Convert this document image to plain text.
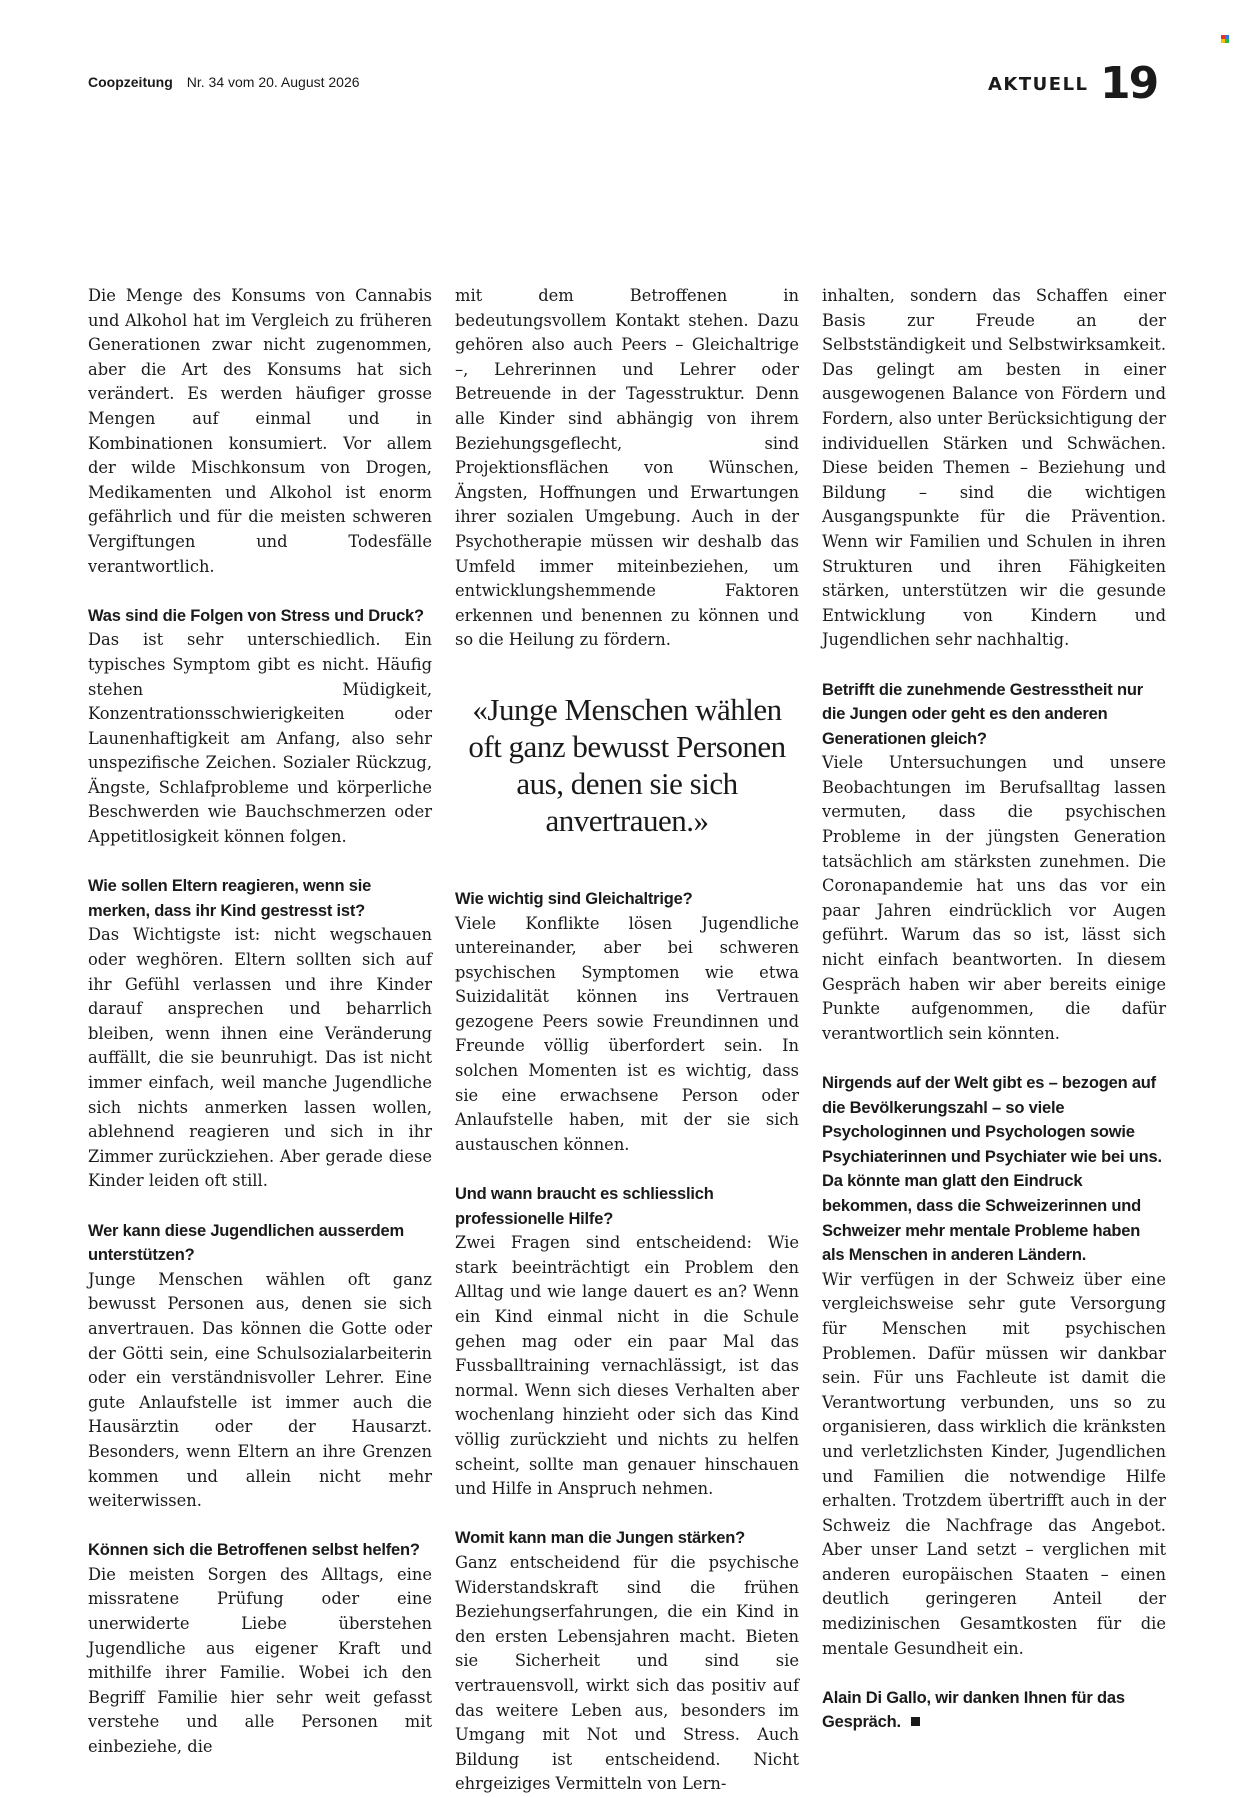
Coopzeitung Nr. 34 vom 20. August 2026	AKTUELL 19

Die Menge des Konsums von Cannabis und Alkohol hat im Vergleich zu früheren Generationen zwar nicht zugenommen, aber die Art des Konsums hat sich verändert. Es werden häufiger grosse Mengen auf einmal und in Kombinationen konsumiert. Vor allem der wilde Mischkonsum von Drogen, Medikamenten und Alkohol ist enorm gefährlich und für die meisten schweren Vergiftungen und Todesfälle verantwortlich.

Was sind die Folgen von Stress und Druck?

Das ist sehr unterschiedlich. Ein typisches Symptom gibt es nicht. Häufig stehen Müdigkeit, Konzentrationsschwierigkeiten oder Launenhaftigkeit am Anfang, also sehr unspezifische Zeichen. Sozialer Rückzug, Ängste, Schlafprobleme und körperliche Beschwerden wie Bauchschmerzen oder Appetitlosigkeit können folgen.

Wie sollen Eltern reagieren, wenn sie merken, dass ihr Kind gestresst ist?

Das Wichtigste ist: nicht wegschauen oder weghören. Eltern sollten sich auf ihr Gefühl verlassen und ihre Kinder darauf ansprechen und beharrlich bleiben, wenn ihnen eine Veränderung auffällt, die sie beunruhigt. Das ist nicht immer einfach, weil manche Jugendliche sich nichts anmerken lassen wollen, ablehnend reagieren und sich in ihr Zimmer zurückziehen. Aber gerade diese Kinder leiden oft still.

Wer kann diese Jugendlichen ausserdem unterstützen?

Junge Menschen wählen oft ganz bewusst Personen aus, denen sie sich anvertrauen. Das können die Gotte oder der Götti sein, eine Schulsozialarbeiterin oder ein verständnisvoller Lehrer. Eine gute Anlaufstelle ist immer auch die Hausärztin oder der Hausarzt. Besonders, wenn Eltern an ihre Grenzen kommen und allein nicht mehr weiterwissen.

Können sich die Betroffenen selbst helfen?

Die meisten Sorgen des Alltags, eine missratene Prüfung oder eine unerwiderte Liebe überstehen Jugendliche aus eigener Kraft und mithilfe ihrer Familie. Wobei ich den Begriff Familie hier sehr weit gefasst verstehe und alle Personen mit einbeziehe, die

mit dem Betroffenen in bedeutungsvollem Kontakt stehen. Dazu gehören also auch Peers – Gleichaltrige –, Lehrerinnen und Lehrer oder Betreuende in der Tagesstruktur. Denn alle Kinder sind abhängig von ihrem Beziehungsgeflecht, sind Projektionsflächen von Wünschen, Ängsten, Hoffnungen und Erwartungen ihrer sozialen Umgebung. Auch in der Psychotherapie müssen wir deshalb das Umfeld immer miteinbeziehen, um entwicklungshemmende Faktoren erkennen und benennen zu können und so die Heilung zu fördern.

«Junge Menschen wählen oft ganz bewusst Personen aus, denen sie sich anvertrauen.»
Wie wichtig sind Gleichaltrige?

Viele Konflikte lösen Jugendliche untereinander, aber bei schweren psychischen Symptomen wie etwa Suizidalität können ins Vertrauen gezogene Peers sowie Freundinnen und Freunde völlig überfordert sein. In solchen Momenten ist es wichtig, dass sie eine erwachsene Person oder Anlaufstelle haben, mit der sie sich austauschen können.

Und wann braucht es schliesslich professionelle Hilfe?

Zwei Fragen sind entscheidend: Wie stark beeinträchtigt ein Problem den Alltag und wie lange dauert es an? Wenn ein Kind einmal nicht in die Schule gehen mag oder ein paar Mal das Fussballtraining vernachlässigt, ist das normal. Wenn sich dieses Verhalten aber wochenlang hinzieht oder sich das Kind völlig zurückzieht und nichts zu helfen scheint, sollte man genauer hinschauen und Hilfe in Anspruch nehmen.

Womit kann man die Jungen stärken?

Ganz entscheidend für die psychische Widerstandskraft sind die frühen Beziehungserfahrungen, die ein Kind in den ersten Lebensjahren macht. Bieten sie Sicherheit und sind sie vertrauensvoll, wirkt sich das positiv auf das weitere Leben aus, besonders im Umgang mit Not und Stress. Auch Bildung ist entscheidend. Nicht ehrgeiziges Vermitteln von Lern-

inhalten, sondern das Schaffen einer Basis zur Freude an der Selbstständigkeit und Selbstwirksamkeit. Das gelingt am besten in einer ausgewogenen Balance von Fördern und Fordern, also unter Berücksichtigung der individuellen Stärken und Schwächen. Diese beiden Themen – Beziehung und Bildung – sind die wichtigen Ausgangspunkte für die Prävention. Wenn wir Familien und Schulen in ihren Strukturen und ihren Fähigkeiten stärken, unterstützen wir die gesunde Entwicklung von Kindern und Jugendlichen sehr nachhaltig.

Betrifft die zunehmende Gestresstheit nur die Jungen oder geht es den anderen Generationen gleich?

Viele Untersuchungen und unsere Beobachtungen im Berufsalltag lassen vermuten, dass die psychischen Probleme in der jüngsten Generation tatsächlich am stärksten zunehmen. Die Coronapandemie hat uns das vor ein paar Jahren eindrücklich vor Augen geführt. Warum das so ist, lässt sich nicht einfach beantworten. In diesem Gespräch haben wir aber bereits einige Punkte aufgenommen, die dafür verantwortlich sein könnten.

Nirgends auf der Welt gibt es – bezogen auf die Bevölkerungszahl – so viele Psychologinnen und Psychologen sowie Psychiaterinnen und Psychiater wie bei uns. Da könnte man glatt den Eindruck bekommen, dass die Schweizerinnen und Schweizer mehr mentale Probleme haben als Menschen in anderen Ländern.

Wir verfügen in der Schweiz über eine vergleichsweise sehr gute Versorgung für Menschen mit psychischen Problemen. Dafür müssen wir dankbar sein. Für uns Fachleute ist damit die Verantwortung verbunden, uns so zu organisieren, dass wirklich die kränksten und verletzlichsten Kinder, Jugendlichen und Familien die notwendige Hilfe erhalten. Trotzdem übertrifft auch in der Schweiz die Nachfrage das Angebot. Aber unser Land setzt – verglichen mit anderen europäischen Staaten – einen deutlich geringeren Anteil der medizinischen Gesamtkosten für die mentale Gesundheit ein.

Alain Di Gallo, wir danken Ihnen für das Gespräch.
